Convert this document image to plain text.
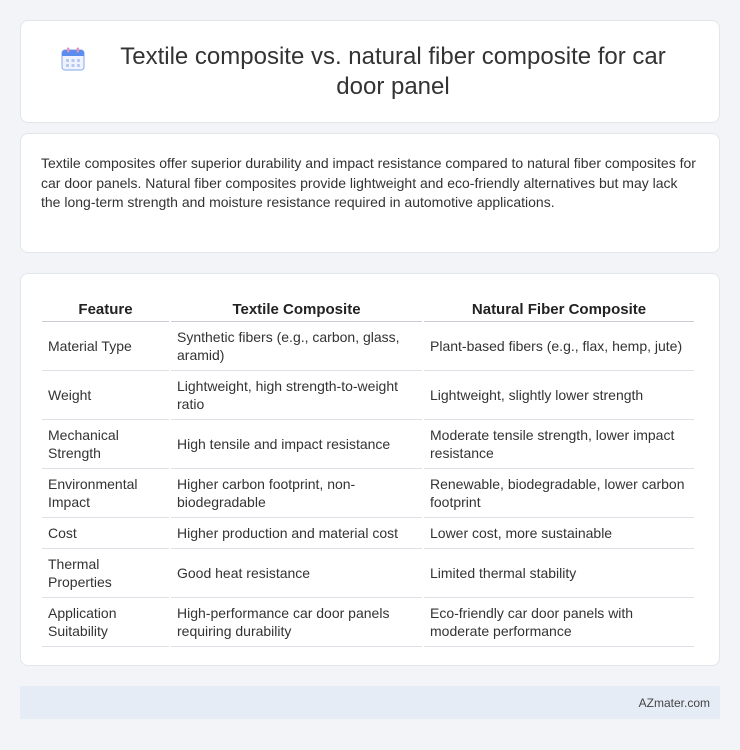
Textile composite vs. natural fiber composite for car door panel

Textile composites offer superior durability and impact resistance compared to natural fiber composites for car door panels. Natural fiber composites provide lightweight and eco-friendly alternatives but may lack the long-term strength and moisture resistance required in automotive applications.

Feature	Textile Composite	Natural Fiber Composite
Material Type	Synthetic fibers (e.g., carbon, glass, aramid)	Plant-based fibers (e.g., flax, hemp, jute)
Weight	Lightweight, high strength-to-weight ratio	Lightweight, slightly lower strength
Mechanical Strength	High tensile and impact resistance	Moderate tensile strength, lower impact resistance
Environmental Impact	Higher carbon footprint, non-biodegradable	Renewable, biodegradable, lower carbon footprint
Cost	Higher production and material cost	Lower cost, more sustainable
Thermal Properties	Good heat resistance	Limited thermal stability
Application Suitability	High-performance car door panels requiring durability	Eco-friendly car door panels with moderate performance
AZmater.com
